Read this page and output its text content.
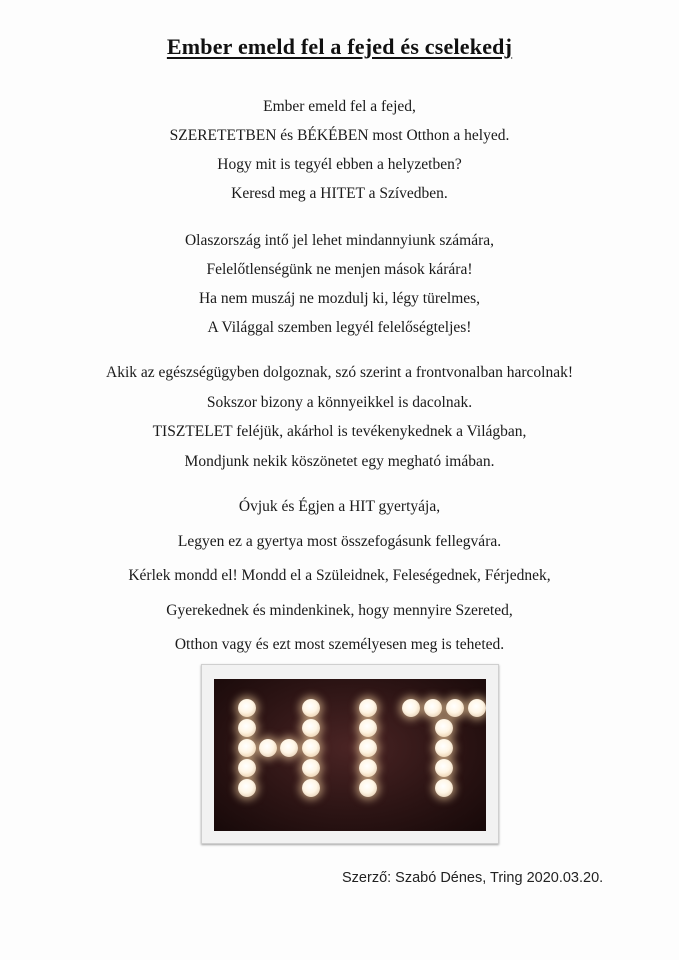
Ember emeld fel a fejed és cselekedj
Ember emeld fel a fejed,
SZERETETBEN és BÉKÉBEN most Otthon a helyed.
Hogy mit is tegyél ebben a helyzetben?
Keresd meg a HITET a Szívedben.
Olaszország intő jel lehet mindannyiunk számára,
Felelőtlenségünk ne menjen mások kárára!
Ha nem muszáj ne mozdulj ki, légy türelmes,
A Világgal szemben legyél felelőségteljes!
Akik az egészségügyben dolgoznak, szó szerint a frontvonalban harcolnak!
Sokszor bizony a könnyeikkel is dacolnak.
TISZTELET feléjük, akárhol is tevékenykednek a Világban,
Mondjunk nekik köszönetet egy megható imában.
Óvjuk és Égjen a HIT gyertyája,
Legyen ez a gyertya most összefogásunk fellegvára.
Kérlek mondd el! Mondd el a Szüleidnek, Feleségednek, Férjednek,
Gyerekednek és mindenkinek, hogy mennyire Szereted,
Otthon vagy és ezt most személyesen meg is teheted.
Szerző: Szabó Dénes, Tring 2020.03.20.
